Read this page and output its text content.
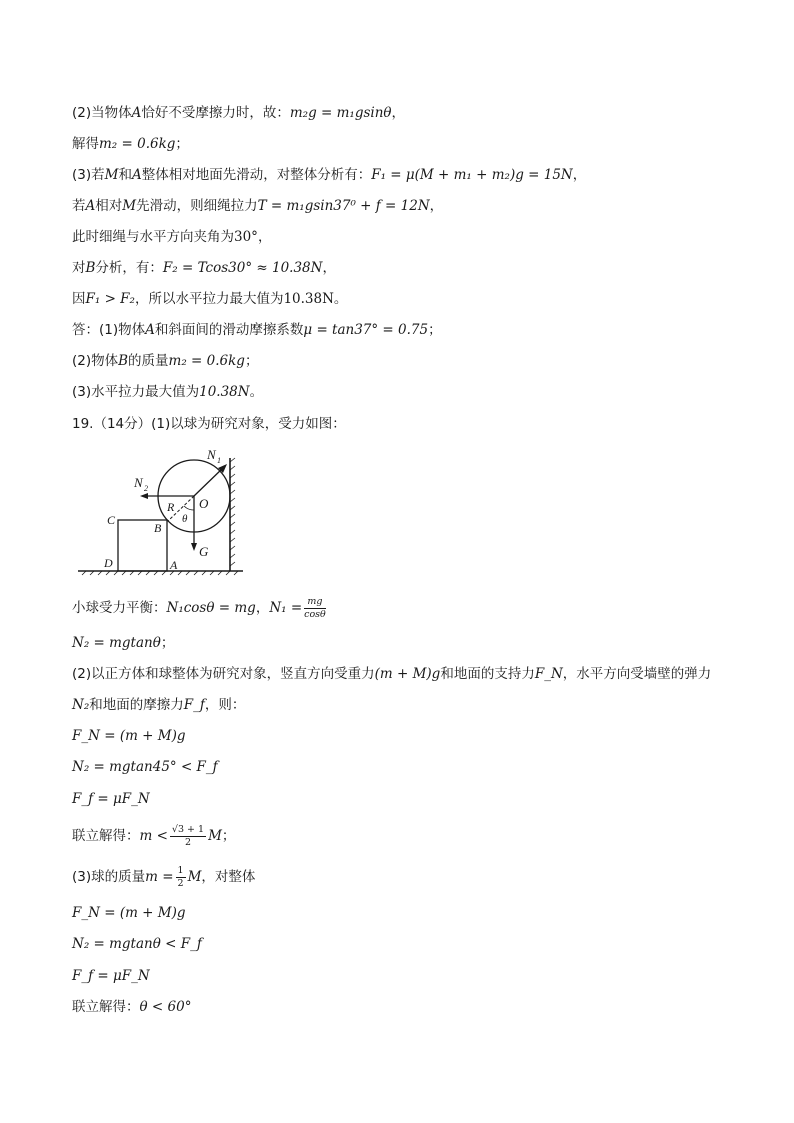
(2)当物体A恰好不受摩擦力时，故：m₂g = m₁gsinθ，
解得m₂ = 0.6kg；
(3)若M和A整体相对地面先滑动，对整体分析有：F₁ = μ(M + m₁ + m₂)g = 15N，
若A相对M先滑动，则细绳拉力T = m₁gsin37⁰ + f = 12N，
此时细绳与水平方向夹角为30°，
对B分析，有：F₂ = Tcos30° ≈ 10.38N，
因F₁ > F₂，所以水平拉力最大值为10.38N。
答：(1)物体A和斜面间的滑动摩擦系数μ = tan37° = 0.75；
(2)物体B的质量m₂ = 0.6kg；
(3)水平拉力最大值为10.38N。
19.（14分）(1)以球为研究对象，受力如图：
N 1
N 2
O
R
θ
G
A
B
C
D
小球受力平衡：N₁cosθ = mg，$N_1 = \frac{mg}{\cos\theta}$
N₂ = mgtanθ；
(2)以正方体和球整体为研究对象，竖直方向受重力(m + M)g和地面的支持力F_N，水平方向受墙壁的弹力
N₂和地面的摩擦力F_f，则：
F_N = (m + M)g
N₂ = mgtan45° < F_f
F_f = μF_N
联立解得：$m < \frac{√3 + 1}{2}$ M；
(3)球的质量$m = \frac{1}{2}$ M，对整体
F_N = (m + M)g
N₂ = mgtanθ < F_f
F_f = μF_N
联立解得：θ < 60°
